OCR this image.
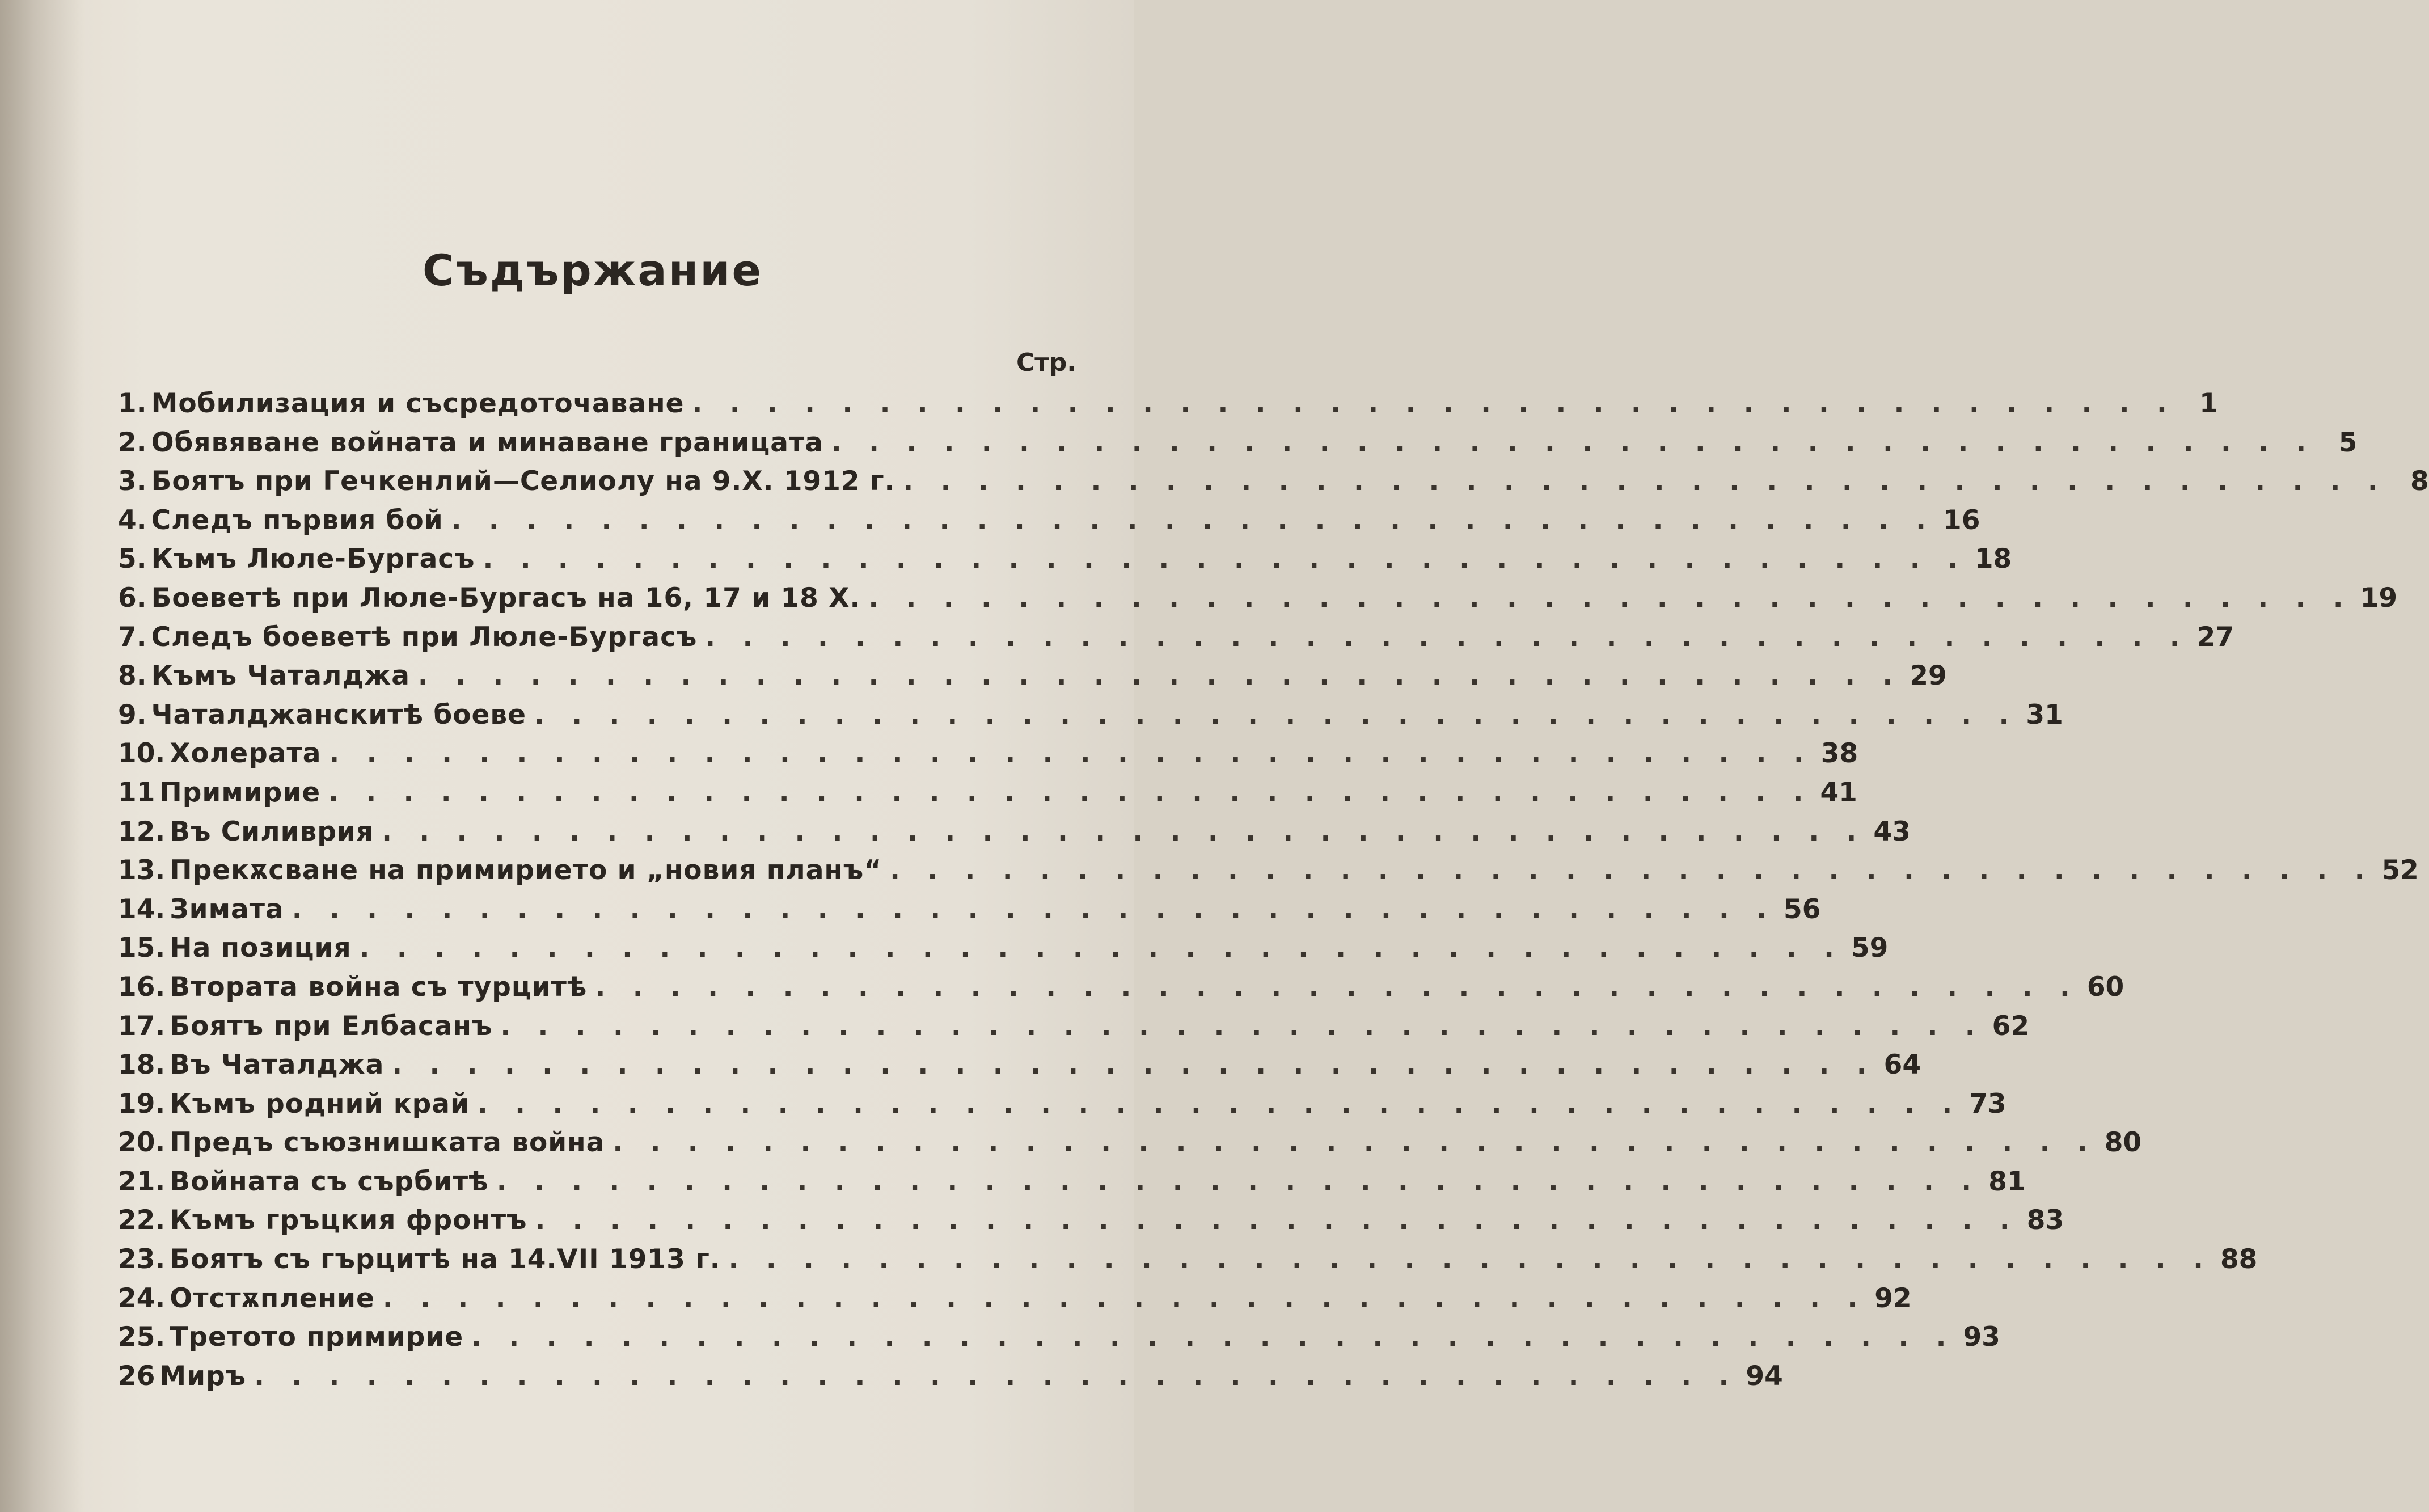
Съдържание
Стр.
1. Мобилизация и съсредоточаване . . . . . . . . . . . . . . . . . . . . . . . . . . . . . . . . . . . . . . . . 1
2. Обявяване войната и минаване границата . . . . . . . . . . . . . . . . . . . . . . . . . . . . . . . . . . . . . . . . 5
3. Боятъ при Гечкенлий—Селиолу на 9.Х. 1912 г. . . . . . . . . . . . . . . . . . . . . . . . . . . . . . . . . . . . . . . . . 8
4. Следъ първия бой . . . . . . . . . . . . . . . . . . . . . . . . . . . . . . . . . . . . . . . . 16
5. Къмъ Люле-Бургасъ . . . . . . . . . . . . . . . . . . . . . . . . . . . . . . . . . . . . . . . . 18
6. Боеветѣ при Люле-Бургасъ на 16, 17 и 18 Х. . . . . . . . . . . . . . . . . . . . . . . . . . . . . . . . . . . . . . . . . 19
7. Следъ боеветѣ при Люле-Бургасъ . . . . . . . . . . . . . . . . . . . . . . . . . . . . . . . . . . . . . . . . 27
8. Къмъ Чаталджа . . . . . . . . . . . . . . . . . . . . . . . . . . . . . . . . . . . . . . . . 29
9. Чаталджанскитѣ боеве . . . . . . . . . . . . . . . . . . . . . . . . . . . . . . . . . . . . . . . . 31
10. Холерата . . . . . . . . . . . . . . . . . . . . . . . . . . . . . . . . . . . . . . . . 38
11 Примирие . . . . . . . . . . . . . . . . . . . . . . . . . . . . . . . . . . . . . . . . 41
12. Въ Силиврия . . . . . . . . . . . . . . . . . . . . . . . . . . . . . . . . . . . . . . . . 43
13. Прекѫсване на примирието и „новия планъ“ . . . . . . . . . . . . . . . . . . . . . . . . . . . . . . . . . . . . . . . . 52
14. Зимата . . . . . . . . . . . . . . . . . . . . . . . . . . . . . . . . . . . . . . . . 56
15. На позиция . . . . . . . . . . . . . . . . . . . . . . . . . . . . . . . . . . . . . . . . 59
16. Втората война съ турцитѣ . . . . . . . . . . . . . . . . . . . . . . . . . . . . . . . . . . . . . . . . 60
17. Боятъ при Елбасанъ . . . . . . . . . . . . . . . . . . . . . . . . . . . . . . . . . . . . . . . . 62
18. Въ Чаталджа . . . . . . . . . . . . . . . . . . . . . . . . . . . . . . . . . . . . . . . . 64
19. Къмъ родний край . . . . . . . . . . . . . . . . . . . . . . . . . . . . . . . . . . . . . . . . 73
20. Предъ съюзнишката война . . . . . . . . . . . . . . . . . . . . . . . . . . . . . . . . . . . . . . . . 80
21. Войната съ сърбитѣ . . . . . . . . . . . . . . . . . . . . . . . . . . . . . . . . . . . . . . . . 81
22. Къмъ гръцкия фронтъ . . . . . . . . . . . . . . . . . . . . . . . . . . . . . . . . . . . . . . . . 83
23. Боятъ съ гърцитѣ на 14.VII 1913 г. . . . . . . . . . . . . . . . . . . . . . . . . . . . . . . . . . . . . . . . . 88
24. Отстѫпление . . . . . . . . . . . . . . . . . . . . . . . . . . . . . . . . . . . . . . . . 92
25. Третото примирие . . . . . . . . . . . . . . . . . . . . . . . . . . . . . . . . . . . . . . . . 93
26 Миръ . . . . . . . . . . . . . . . . . . . . . . . . . . . . . . . . . . . . . . . . 94
